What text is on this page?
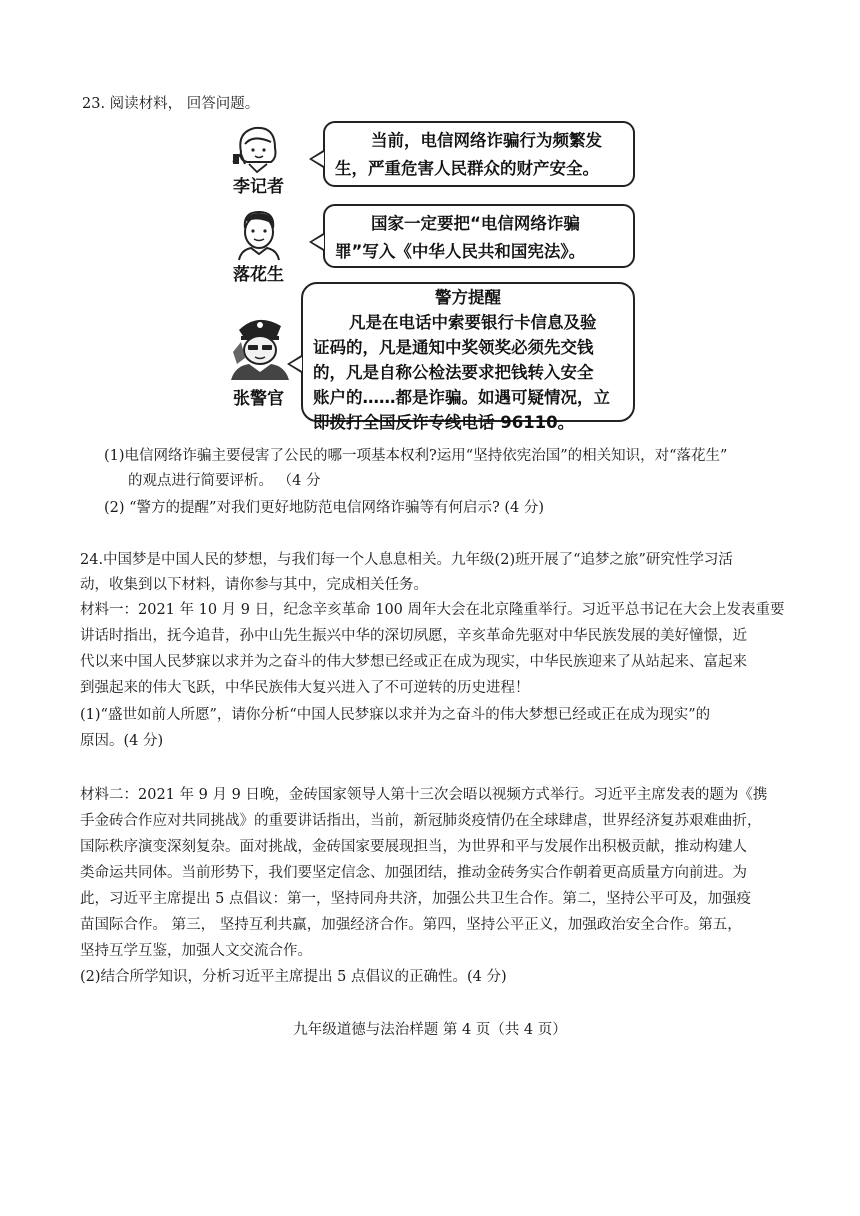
23. 阅读材料， 回答问题。
李记者
当前，电信网络诈骗行为频繁发
生，严重危害人民群众的财产安全。
落花生
国家一定要把“电信网络诈骗
罪”写入《中华人民共和国宪法》。
张警官
警方提醒
凡是在电话中索要银行卡信息及验
证码的，凡是通知中奖领奖必须先交钱
的，凡是自称公检法要求把钱转入安全
账户的……都是诈骗。如遇可疑情况，立
即拨打全国反诈专线电话 96110。
(1)电信网络诈骗主要侵害了公民的哪一项基本权利?运用“坚持依宪治国”的相关知识，对“落花生”
的观点进行简要评析。 （4 分
(2) “警方的提醒”对我们更好地防范电信网络诈骗等有何启示? (4 分)
24.中国梦是中国人民的梦想，与我们每一个人息息相关。九年级(2)班开展了“追梦之旅”研究性学习活
动，收集到以下材料，请你参与其中，完成相关任务。
材料一：2021 年 10 月 9 日，纪念辛亥革命 100 周年大会在北京隆重举行。习近平总书记在大会上发表重要
讲话时指出，抚今追昔，孙中山先生振兴中华的深切夙愿，辛亥革命先驱对中华民族发展的美好憧憬，近
代以来中国人民梦寐以求并为之奋斗的伟大梦想已经或正在成为现实，中华民族迎来了从站起来、富起来
到强起来的伟大飞跃，中华民族伟大复兴进入了不可逆转的历史进程！
(1)“盛世如前人所愿”，请你分析“中国人民梦寐以求并为之奋斗的伟大梦想已经或正在成为现实”的
原因。(4 分)
材料二：2021 年 9 月 9 日晚，金砖国家领导人第十三次会晤以视频方式举行。习近平主席发表的题为《携
手金砖合作应对共同挑战》的重要讲话指出，当前，新冠肺炎疫情仍在全球肆虐，世界经济复苏艰难曲折，
国际秩序演变深刻复杂。面对挑战，金砖国家要展现担当，为世界和平与发展作出积极贡献，推动构建人
类命运共同体。当前形势下，我们要坚定信念、加强团结，推动金砖务实合作朝着更高质量方向前进。为
此，习近平主席提出 5 点倡议：第一，坚持同舟共济，加强公共卫生合作。第二，坚持公平可及，加强疫
苗国际合作。 第三， 坚持互利共赢，加强经济合作。第四，坚持公平正义，加强政治安全合作。第五，
坚持互学互鉴，加强人文交流合作。
(2)结合所学知识，分析习近平主席提出 5 点倡议的正确性。(4 分)
九年级道德与法治样题 第 4 页（共 4 页）
